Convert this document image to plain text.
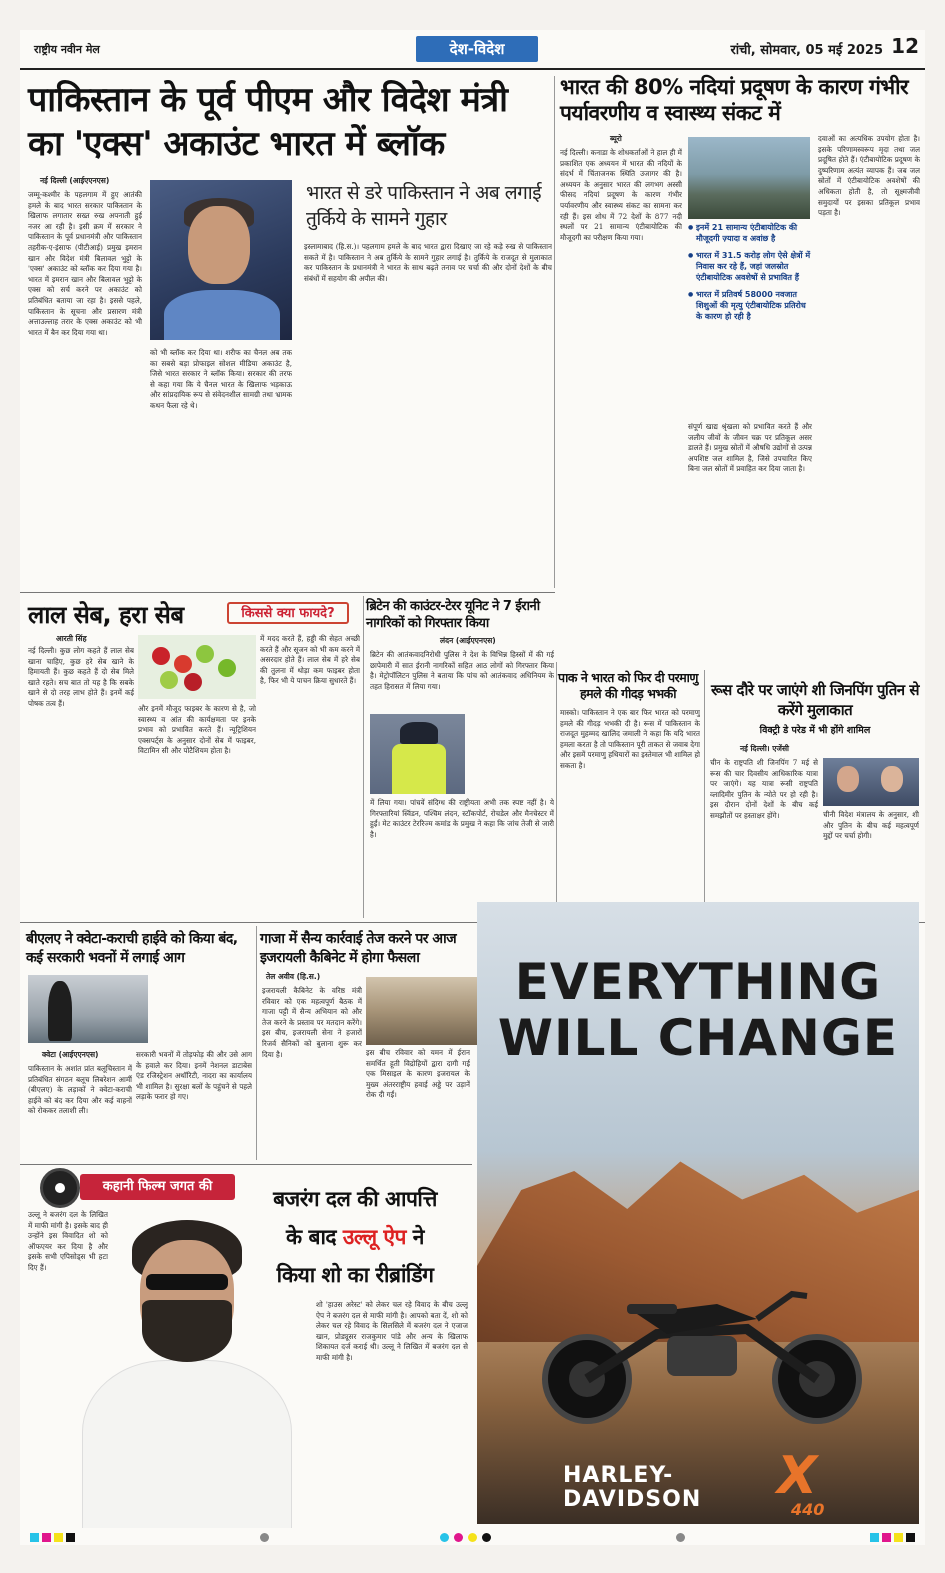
राष्ट्रीय नवीन मेल	देश-विदेश	रांची, सोमवार, 05 मई 2025 12
पाकिस्तान के पूर्व पीएम और विदेश मंत्री का 'एक्स' अकाउंट भारत में ब्लॉक
नई दिल्ली (आईएएनएस)
जम्मू-कश्मीर के पहलगाम में हुए आतंकी हमले के बाद भारत सरकार पाकिस्तान के खिलाफ लगातार सख्त रुख अपनाती हुई नजर आ रही है। इसी क्रम में सरकार ने पाकिस्तान के पूर्व प्रधानमंत्री और पाकिस्तान तहरीक-ए-इंसाफ (पीटीआई) प्रमुख इमरान खान और विदेश मंत्री बिलावल भुट्टो के 'एक्स' अकाउंट को ब्लॉक कर दिया गया है। भारत में इमरान खान और बिलावल भुट्टो के एक्स को सर्च करने पर अकाउंट को प्रतिबंधित बताया जा रहा है। इससे पहले, पाकिस्तान के सूचना और प्रसारण मंत्री अत्ताउल्लाह तरार के एक्स अकाउंट को भी भारत में बैन कर दिया गया था।
भारत से डरे पाकिस्तान ने अब लगाई तुर्किये के सामने गुहार
को भी ब्लॉक कर दिया था। शरीफ का चैनल अब तक का सबसे बड़ा प्रोफाइल सोशल मीडिया अकाउंट है, जिसे भारत सरकार ने ब्लॉक किया। सरकार की तरफ से कहा गया कि ये चैनल भारत के खिलाफ भड़काऊ और सांप्रदायिक रूप से संवेदनशील सामग्री तथा भ्रामक कथन फैला रहे थे।
इस्लामाबाद (हि.स.)। पहलगाम हमले के बाद भारत द्वारा दिखाए जा रहे कड़े रुख से पाकिस्तान सकते में है। पाकिस्तान ने अब तुर्किये के सामने गुहार लगाई है। तुर्किये के राजदूत से मुलाकात कर पाकिस्तान के प्रधानमंत्री ने भारत के साथ बढ़ते तनाव पर चर्चा की और दोनों देशों के बीच संबंधों में सहयोग की अपील की।
भारत की 80% नदियां प्रदूषण के कारण गंभीर पर्यावरणीय व स्वास्थ्य संकट में
ब्यूरो
नई दिल्ली। कनाडा के शोधकर्ताओं ने हाल ही में प्रकाशित एक अध्ययन में भारत की नदियों के संदर्भ में चिंताजनक स्थिति उजागर की है। अध्ययन के अनुसार भारत की लगभग अस्सी फीसद नदियां प्रदूषण के कारण गंभीर पर्यावरणीय और स्वास्थ्य संकट का सामना कर रही हैं। इस शोध में 72 देशों के 877 नदी स्थलों पर 21 सामान्य एंटीबायोटिक की मौजूदगी का परीक्षण किया गया।

● इनमें 21 सामान्य एंटीबायोटिक की मौजूदगी ज़्यादा व अवांछ है

● भारत में 31.5 करोड़ लोग ऐसे क्षेत्रों में निवास कर रहे हैं, जहां जलस्रोत एंटीबायोटिक अवशेषों से प्रभावित हैं

● भारत में प्रतिवर्ष 58000 नवजात शिशुओं की मृत्यु एंटीबायोटिक प्रतिरोध के कारण हो रही है

संपूर्ण खाद्य श्रृंखला को प्रभावित करते हैं और जलीय जीवों के जीवन चक्र पर प्रतिकूल असर डालते हैं। प्रमुख स्रोतों में औषधि उद्योगों से उत्पन्न अपशिष्ट जल शामिल है, जिसे उपचारित किए बिना जल स्रोतों में प्रवाहित कर दिया जाता है।
दवाओं का अत्यधिक उपयोग होता है। इसके परिणामस्वरूप मृदा तथा जल प्रदूषित होते हैं। एंटीबायोटिक प्रदूषण के दुष्परिणाम अत्यंत व्यापक हैं। जब जल स्रोतों में एंटीबायोटिक अवशेषों की अधिकता होती है, तो सूक्ष्मजीवी समुदायों पर इसका प्रतिकूल प्रभाव पड़ता है।
लाल सेब, हरा सेब	किससे क्या फायदे?
आरती सिंह
नई दिल्ली। कुछ लोग कहते हैं लाल सेब खाना चाहिए, कुछ हरे सेब खाने के हिमायती हैं। कुछ कहते हैं दो सेब मिले खाते रहते। सच बात तो यह है कि सबके खाने से दो तरह लाभ होते हैं। इनमें कई पोषक तत्व हैं।
और इनमें मौजूद फाइबर के कारण से है, जो स्वास्थ्य व आंत की कार्यक्षमता पर इनके प्रभाव को प्रभावित करते हैं। न्यूट्रिशियन एक्सपर्ट्स के अनुसार दोनों सेब में फाइबर, विटामिन सी और पोटैशियम होता है।
में मदद करते हैं, हड्डी की सेहत अच्छी करते हैं और सूजन को भी कम करने में असरदार होते हैं। लाल सेब में हरे सेब की तुलना में थोड़ा कम फाइबर होता है, फिर भी ये पाचन क्रिया सुधारते हैं।
ब्रिटेन की काउंटर-टेरर यूनिट ने 7 ईरानी नागरिकों को गिरफ्तार किया
लंदन (आईएएनएस)
ब्रिटेन की आतंकवादनिरोधी पुलिस ने देश के विभिन्न हिस्सों में की गई छापेमारी में सात ईरानी नागरिकों सहित आठ लोगों को गिरफ्तार किया है। मेट्रोपॉलिटन पुलिस ने बताया कि पांच को आतंकवाद अधिनियम के तहत हिरासत में लिया गया।
में लिया गया। पांचवें संदिग्ध की राष्ट्रीयता अभी तक स्पष्ट नहीं है। ये गिरफ्तारियां स्विंडन, पश्चिम लंदन, स्टॉकपोर्ट, रोचडेल और मैनचेस्टर में हुईं। मेट काउंटर टेररिज्म कमांड के प्रमुख ने कहा कि जांच तेजी से जारी है।
पाक ने भारत को फिर दी परमाणु हमले की गीदड़ भभकी
मास्को। पाकिस्तान ने एक बार फिर भारत को परमाणु हमले की गीदड़ भभकी दी है। रूस में पाकिस्तान के राजदूत मुहम्मद खालिद जमाली ने कहा कि यदि भारत हमला करता है तो पाकिस्तान पूरी ताकत से जवाब देगा और इसमें परमाणु हथियारों का इस्तेमाल भी शामिल हो सकता है।
रूस दौरे पर जाएंगे शी जिनपिंग पुतिन से करेंगे मुलाकात
विक्ट्री डे परेड में भी होंगे शामिल
नई दिल्ली। एजेंसी
चीन के राष्ट्रपति शी जिनपिंग 7 मई से रूस की चार दिवसीय आधिकारिक यात्रा पर जाएंगे। यह यात्रा रूसी राष्ट्रपति व्लादिमीर पुतिन के न्योते पर हो रही है। इस दौरान दोनों देशों के बीच कई समझौतों पर हस्ताक्षर होंगे।	चीनी विदेश मंत्रालय के अनुसार, शी और पुतिन के बीच कई महत्वपूर्ण मुद्दों पर चर्चा होगी।
बीएलए ने क्वेटा-कराची हाईवे को किया बंद, कई सरकारी भवनों में लगाई आग
क्वेटा (आईएएनएस)
पाकिस्तान के अशांत प्रांत बलूचिस्तान में प्रतिबंधित संगठन बलूच लिबरेशन आर्मी (बीएलए) के लड़ाकों ने क्वेटा-कराची हाईवे को बंद कर दिया और कई वाहनों को रोककर तलाशी ली।
सरकारी भवनों में तोड़फोड़ की और उसे आग के हवाले कर दिया। इनमें नेशनल डाटाबेस एंड रजिस्ट्रेशन अथॉरिटी, नादरा का कार्यालय भी शामिल है। सुरक्षा बलों के पहुंचने से पहले लड़ाके फरार हो गए।
गाजा में सैन्य कार्रवाई तेज करने पर आज इजरायली कैबिनेट में होगा फैसला
तेल अवीव (हि.स.)
इजरायली कैबिनेट के वरिष्ठ मंत्री रविवार को एक महत्वपूर्ण बैठक में गाजा पट्टी में सैन्य अभियान को और तेज करने के प्रस्ताव पर मतदान करेंगे। इस बीच, इजरायली सेना ने हजारों रिजर्व सैनिकों को बुलाना शुरू कर दिया है।	इस बीच रविवार को यमन में ईरान समर्थित हूती विद्रोहियों द्वारा दागी गई एक मिसाइल के कारण इजरायल के मुख्य अंतरराष्ट्रीय हवाई अड्डे पर उड़ानें रोक दी गईं।
EVERYTHING
WILL CHANGE
HARLEY-
DAVIDSON X
440
कहानी फिल्म जगत की
बजरंग दल की आपत्ति
के बाद उल्लू ऐप ने
किया शो का रीब्रांडिंग
उल्लू ने बजरंग दल के लिखित में माफी मांगी है। इसके बाद ही उन्होंने इस विवादित शो को ऑफएयर कर दिया है और इसके सभी एपिसोड्स भी हटा दिए हैं।
शो 'हाउस अरेस्ट' को लेकर चल रहे विवाद के बीच उल्लू ऐप ने बजरंग दल से माफी मांगी है। आपको बता दें, शो को लेकर चल रहे विवाद के सिलसिले में बजरंग दल ने एजाज खान, प्रोड्यूसर राजकुमार पांडे और अन्य के खिलाफ शिकायत दर्ज कराई थी। उल्लू ने लिखित में बजरंग दल से माफी मांगी है।
